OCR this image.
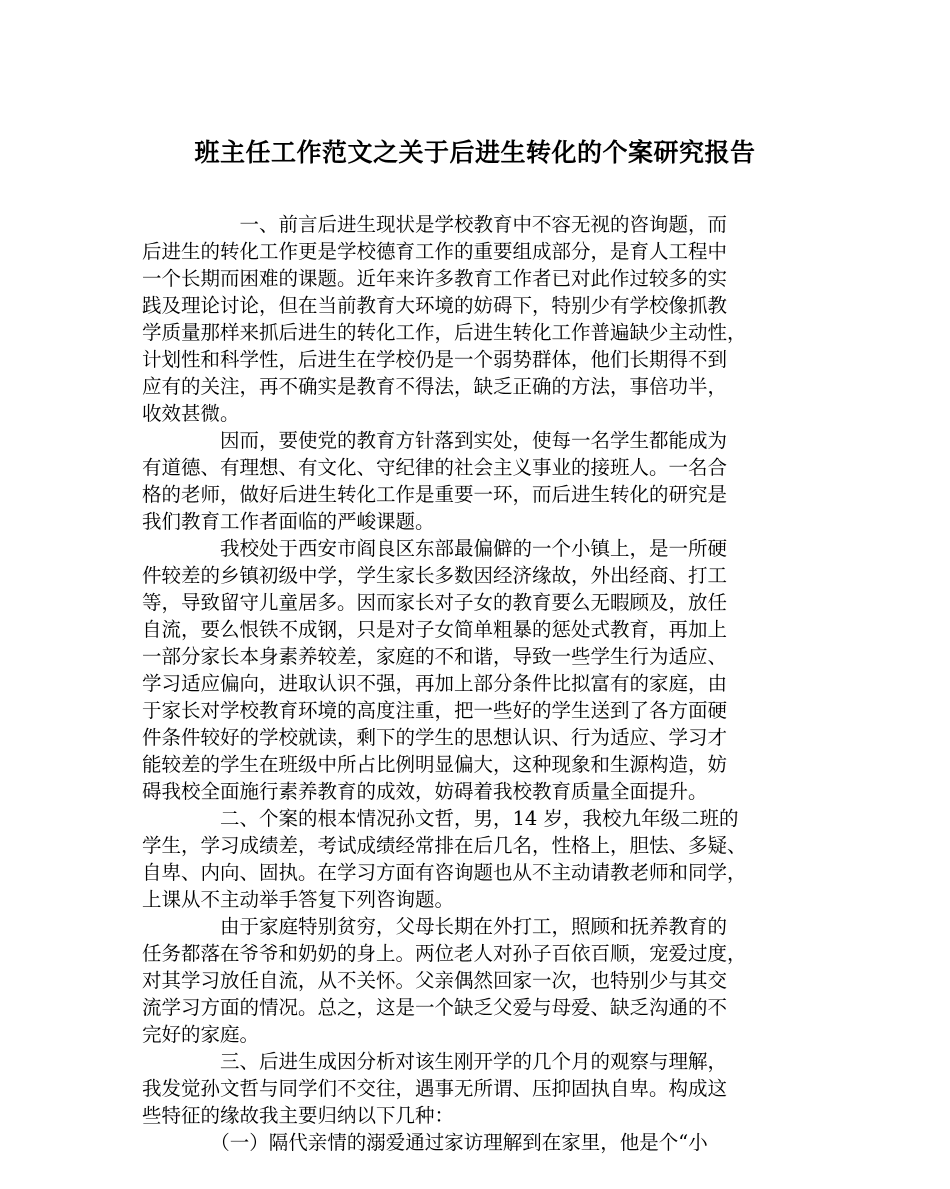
班主任工作范文之关于后进生转化的个案研究报告
　　　　　一、前言后进生现状是学校教育中不容无视的咨询题，而
后进生的转化工作更是学校德育工作的重要组成部分，是育人工程中
一个长期而困难的课题。近年来许多教育工作者已对此作过较多的实
践及理论讨论，但在当前教育大环境的妨碍下，特别少有学校像抓教
学质量那样来抓后进生的转化工作，后进生转化工作普遍缺少主动性，
计划性和科学性，后进生在学校仍是一个弱势群体，他们长期得不到
应有的关注，再不确实是教育不得法，缺乏正确的方法，事倍功半，
收效甚微。
　　　　因而，要使党的教育方针落到实处，使每一名学生都能成为
有道德、有理想、有文化、守纪律的社会主义事业的接班人。一名合
格的老师，做好后进生转化工作是重要一环，而后进生转化的研究是
我们教育工作者面临的严峻课题。
　　　　我校处于西安市阎良区东部最偏僻的一个小镇上，是一所硬
件较差的乡镇初级中学，学生家长多数因经济缘故，外出经商、打工
等，导致留守儿童居多。因而家长对子女的教育要么无暇顾及，放任
自流，要么恨铁不成钢，只是对子女简单粗暴的惩处式教育，再加上
一部分家长本身素养较差，家庭的不和谐，导致一些学生行为适应、
学习适应偏向，进取认识不强，再加上部分条件比拟富有的家庭，由
于家长对学校教育环境的高度注重，把一些好的学生送到了各方面硬
件条件较好的学校就读，剩下的学生的思想认识、行为适应、学习才
能较差的学生在班级中所占比例明显偏大，这种现象和生源构造，妨
碍我校全面施行素养教育的成效，妨碍着我校教育质量全面提升。
　　　　二、个案的根本情况孙文哲，男，14 岁，我校九年级二班的
学生，学习成绩差，考试成绩经常排在后几名，性格上，胆怯、多疑、
自卑、内向、固执。在学习方面有咨询题也从不主动请教老师和同学，
上课从不主动举手答复下列咨询题。
　　　　由于家庭特别贫穷，父母长期在外打工，照顾和抚养教育的
任务都落在爷爷和奶奶的身上。两位老人对孙子百依百顺，宠爱过度，
对其学习放任自流，从不关怀。父亲偶然回家一次，也特别少与其交
流学习方面的情况。总之，这是一个缺乏父爱与母爱、缺乏沟通的不
完好的家庭。
　　　　三、后进生成因分析对该生刚开学的几个月的观察与理解，
我发觉孙文哲与同学们不交往，遇事无所谓、压抑固执自卑。构成这
些特征的缘故我主要归纳以下几种：
　　　　（一）隔代亲情的溺爱通过家访理解到在家里，他是个“小
